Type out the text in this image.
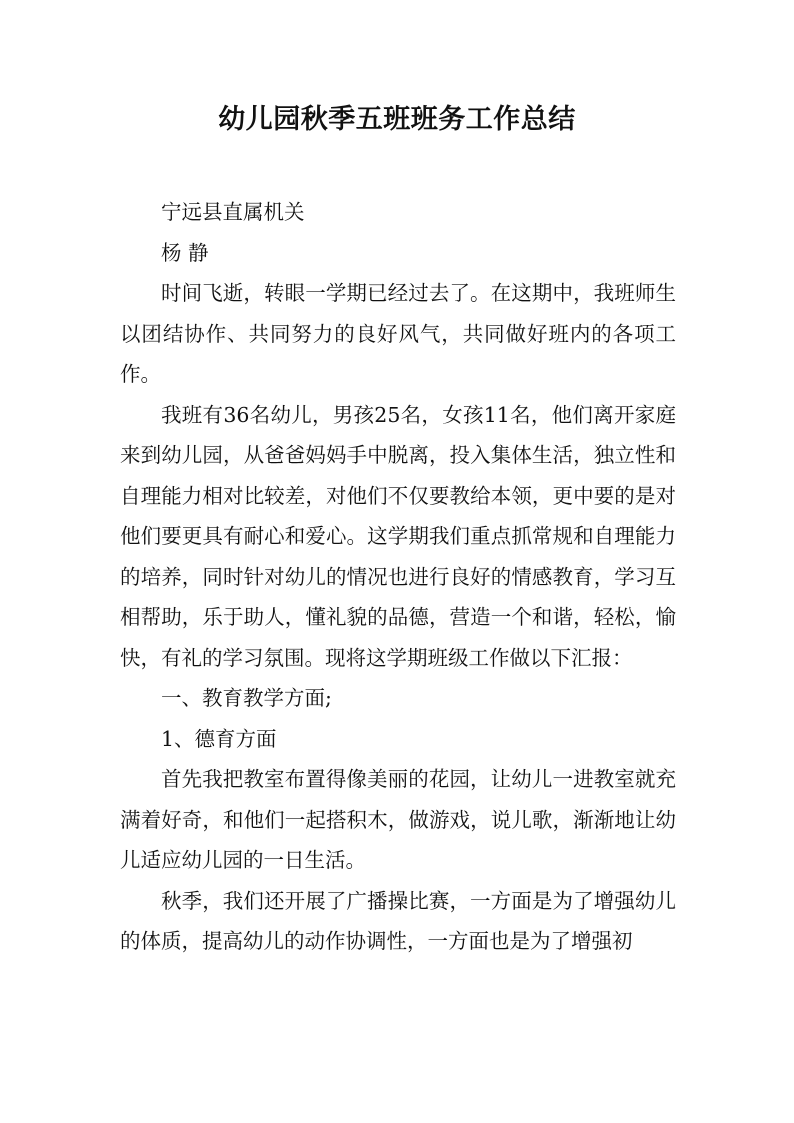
幼儿园秋季五班班务工作总结

宁远县直属机关

杨 静

时间飞逝，转眼一学期已经过去了。在这期中，我班师生以团结协作、共同努力的良好风气，共同做好班内的各项工作。

我班有36名幼儿，男孩25名，女孩11名，他们离开家庭来到幼儿园，从爸爸妈妈手中脱离，投入集体生活，独立性和自理能力相对比较差，对他们不仅要教给本领，更中要的是对他们要更具有耐心和爱心。这学期我们重点抓常规和自理能力的培养，同时针对幼儿的情况也进行良好的情感教育，学习互相帮助，乐于助人，懂礼貌的品德，营造一个和谐，轻松，愉快，有礼的学习氛围。现将这学期班级工作做以下汇报：

一、教育教学方面;

1、德育方面

首先我把教室布置得像美丽的花园，让幼儿一进教室就充满着好奇，和他们一起搭积木，做游戏，说儿歌，渐渐地让幼儿适应幼儿园的一日生活。

秋季，我们还开展了广播操比赛，一方面是为了增强幼儿的体质，提高幼儿的动作协调性，一方面也是为了增强初
